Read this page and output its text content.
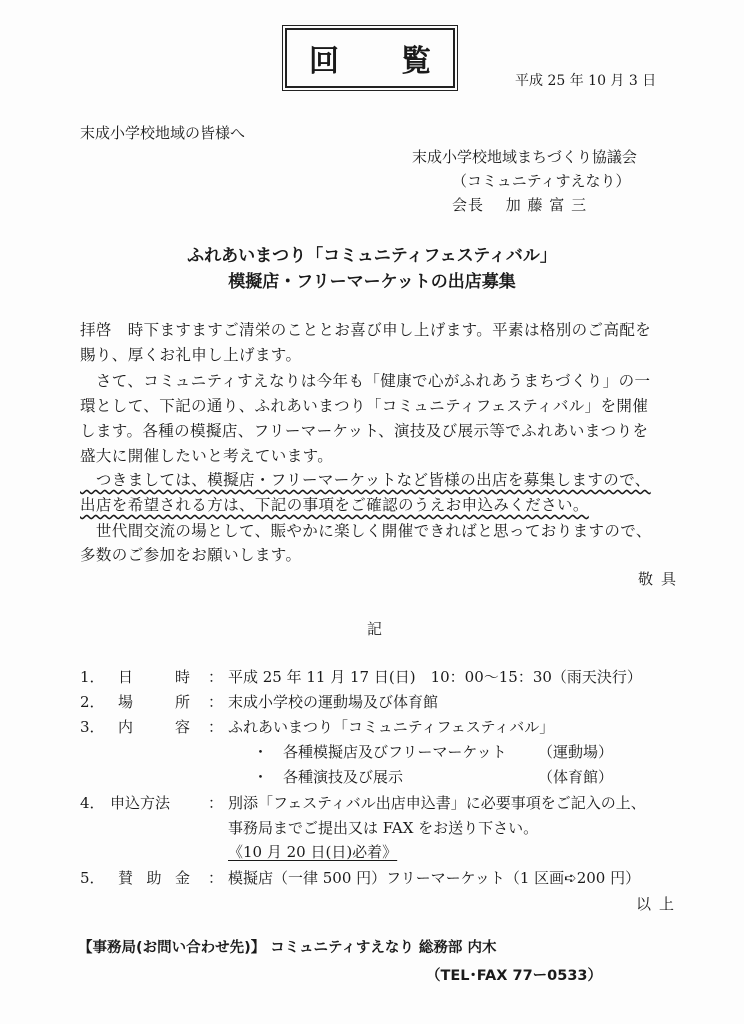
回 覧
平成 25 年 10 月 3 日
末成小学校地域の皆様へ
末成小学校地域まちづくり協議会
（コミュニティすえなり）
会長　 加 藤 富 三
ふれあいまつり「コミュニティフェスティバル」
模擬店・フリーマーケットの出店募集
拝啓　時下ますますご清栄のこととお喜び申し上げます。平素は格別のご高配を
賜り、厚くお礼申し上げます。
　さて、コミュニティすえなりは今年も「健康で心がふれあうまちづくり」の一
環として、下記の通り、ふれあいまつり「コミュニティフェスティバル」を開催
します。各種の模擬店、フリーマーケット、演技及び展示等でふれあいまつりを
盛大に開催したいと考えています。
　つきましては、模擬店・フリーマーケットなど皆様の出店を募集しますので、
出店を希望される方は、下記の事項をご確認のうえお申込みください。
　世代間交流の場として、賑やかに楽しく開催できればと思っておりますので、
多数のご参加をお願いします。
敬具
記
1． 日	時 ： 平成 25 年 11 月 17 日(日)　10：00～15：30（雨天決行）
2． 場	所 ： 末成小学校の運動場及び体育館
3． 内	容 ： ふれあいまつり「コミュニティフェスティバル」
・ 各種模擬店及びフリーマーケット （運動場）
・ 各種演技及び展示	（体育館）
4． 申込方法	： 別添「フェスティバル出店申込書」に必要事項をご記入の上、
事務局までご提出又は FAX をお送り下さい。
《10 月 20 日(日)必着》
5． 賛 助 金 ： 模擬店（一律 500 円）フリーマーケット（1 区画➪200 円）
以上
【事務局(お問い合わせ先)】 コミュニティすえなり 総務部 内木
（TEL･FAX 77ー0533）
